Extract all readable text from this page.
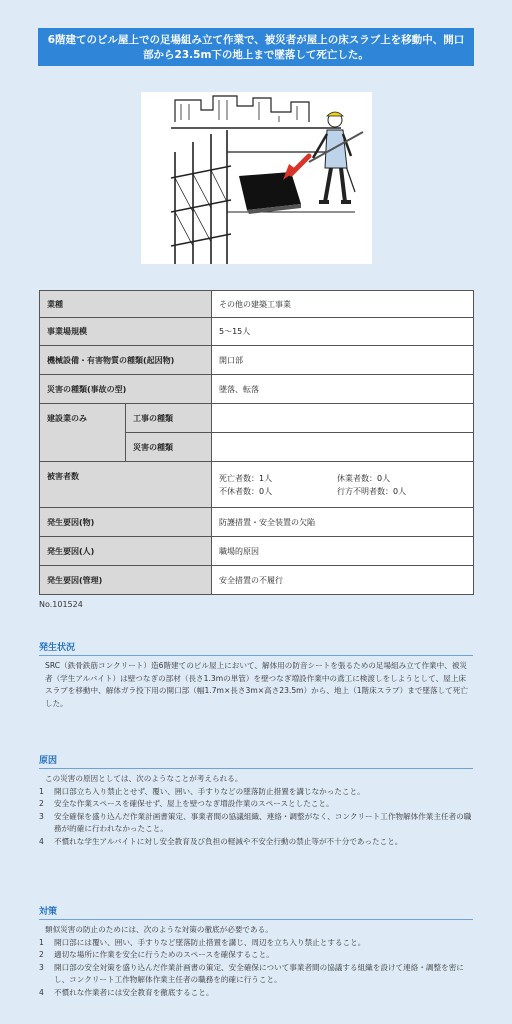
6階建てのビル屋上での足場組み立て作業で、被災者が屋上の床スラブ上を移動中、開口部から23.5m下の地上まで墜落して死亡した。
業種		その他の建築工事業
事業場規模		5～15人
機械設備・有害物質の種類(起因物)		開口部
災害の種類(事故の型)		墜落、転落
建設業のみ	工事の種類	
	災害の種類	
被害者数		死亡者数：1人 休業者数：0人
不休者数：0人 行方不明者数：0人

発生要因(物)		防護措置・安全装置の欠陥
発生要因(人)		職場的原因
発生要因(管理)		安全措置の不履行
No.101524
発生状況

SRC（鉄骨鉄筋コンクリート）造6階建てのビル屋上において、解体用の防音シートを張るための足場組み立て作業中、被災者（学生アルバイト）は壁つなぎの部材（長さ1.3mの単管）を壁つなぎ増設作業中の鳶工に検渡しをしようとして、屋上床スラブを移動中、解体ガラ投下用の開口部（幅1.7m×長さ3m×高さ23.5m）から、地上（1階床スラブ）まで墜落して死亡した。

原因

この災害の原因としては、次のようなことが考えられる。

1	開口部立ち入り禁止とせず、覆い、囲い、手すりなどの墜落防止措置を講じなかったこと。
2	安全な作業スペースを確保せず、屋上を壁つなぎ増設作業のスペースとしたこと。
3	安全確保を盛り込んだ作業計画書策定、事業者間の協議組織、連絡・調整がなく、コンクリート工作物解体作業主任者の職務が的確に行われなかったこと。
4	不慣れな学生アルバイトに対し安全教育及び負担の軽減や不安全行動の禁止等が不十分であったこと。
対策

類似災害の防止のためには、次のような対策の徹底が必要である。

1	開口部には覆い、囲い、手すりなど墜落防止措置を講じ、周辺を立ち入り禁止とすること。
2	適切な場所に作業を安全に行うためのスペースを確保すること。
3	開口部の安全対策を盛り込んだ作業計画書の策定、安全確保について事業者間の協議する組織を設けて連絡・調整を密にし、コンクリート工作物解体作業主任者の職務を的確に行うこと。
4	不慣れな作業者には安全教育を徹底すること。
